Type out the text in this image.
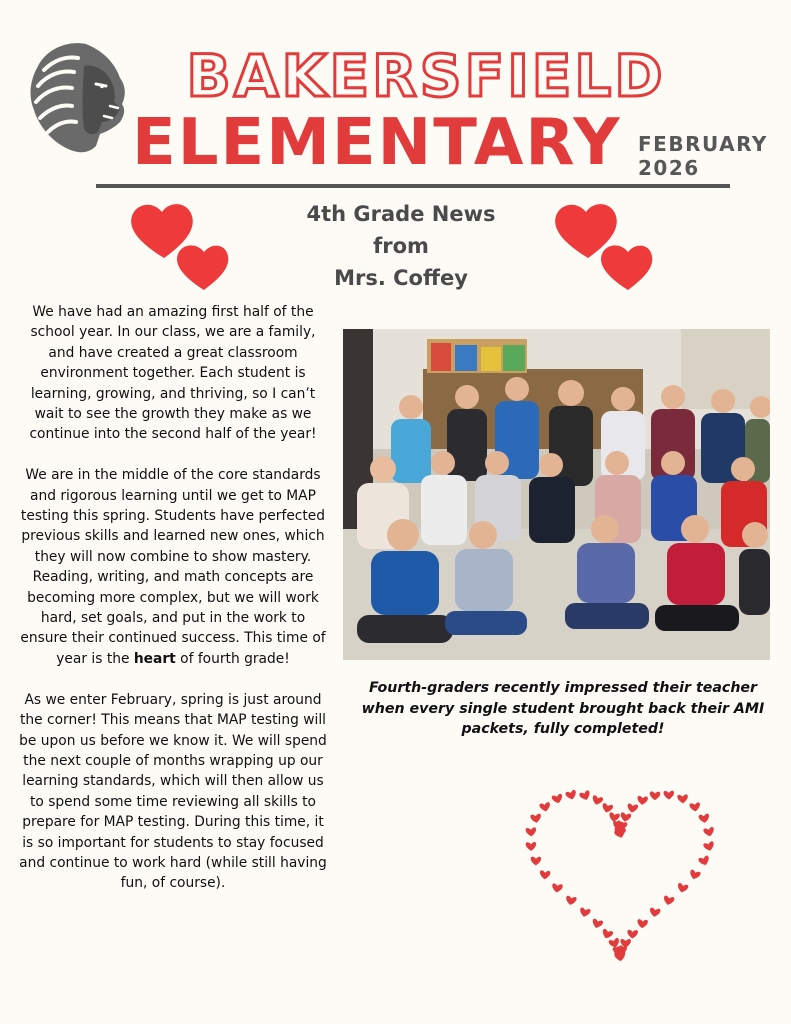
BAKERSFIELD
ELEMENTARY FEBRUARY
2026
4th Grade News
from
Mrs. Coffey

We have had an amazing first half of the school year. In our class, we are a family, and have created a great classroom environment together. Each student is learning, growing, and thriving, so I can’t wait to see the growth they make as we continue into the second half of the year!

We are in the middle of the core standards and rigorous learning until we get to MAP testing this spring. Students have perfected previous skills and learned new ones, which they will now combine to show mastery. Reading, writing, and math concepts are becoming more complex, but we will work hard, set goals, and put in the work to ensure their continued success. This time of year is the heart of fourth grade!

As we enter February, spring is just around the corner! This means that MAP testing will be upon us before we know it. We will spend the next couple of months wrapping up our learning standards, which will then allow us to spend some time reviewing all skills to prepare for MAP testing. During this time, it is so important for students to stay focused and continue to work hard (while still having fun, of course).

Fourth-graders recently impressed their teacher when every single student brought back their AMI packets, fully completed!
